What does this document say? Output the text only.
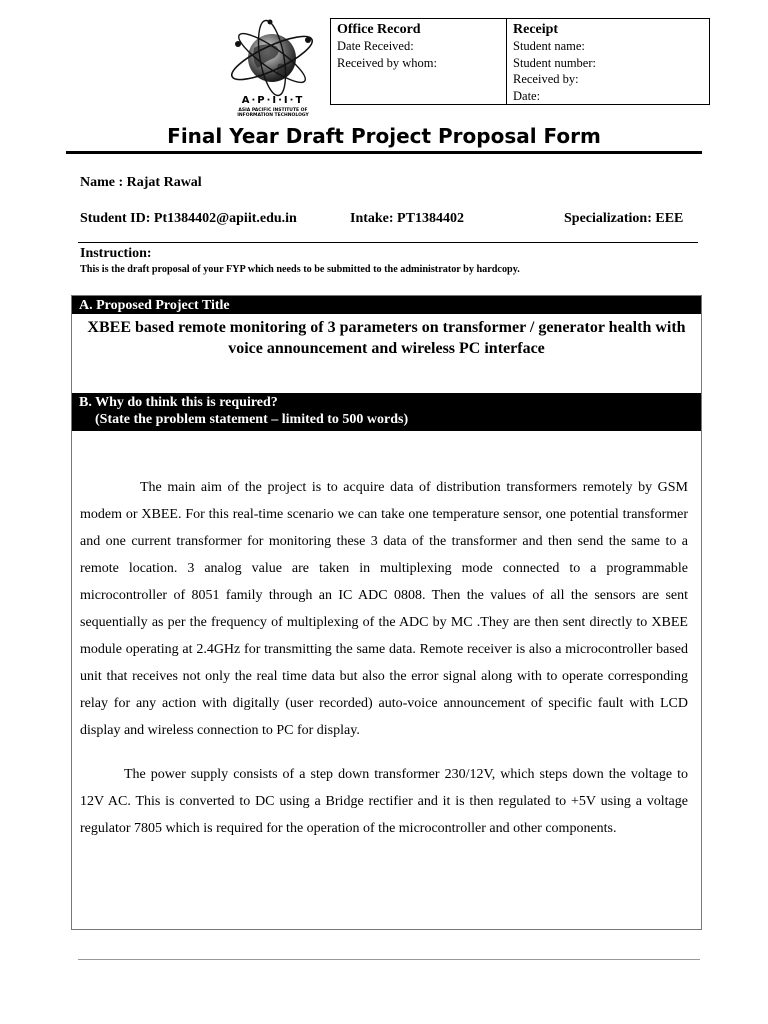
A·P·I·I·T
ASIA PACIFIC INSTITUTE OF INFORMATION TECHNOLOGY
Office Record
Date Received:
Received by whom:
Receipt
Student name:
Student number:
Received by:
Date:
Final Year Draft Project Proposal Form
Name : Rajat Rawal
Student ID: Pt1384402@apiit.edu.in	Intake: PT1384402	Specialization: EEE
Instruction:
This is the draft proposal of your FYP which needs to be submitted to the administrator by hardcopy.
A. Proposed Project Title
XBEE based remote monitoring of 3 parameters on transformer / generator health with voice announcement and wireless PC interface
B. Why do think this is required?
(State the problem statement – limited to 500 words)

The main aim of the project is to acquire data of distribution transformers remotely by GSM modem or XBEE. For this real-time scenario we can take one temperature sensor, one potential transformer and one current transformer for monitoring these 3 data of the transformer and then send the same to a remote location. 3 analog value are taken in multiplexing mode connected to a programmable microcontroller of 8051 family through an IC ADC 0808. Then the values of all the sensors are sent sequentially as per the frequency of multiplexing of the ADC by MC .They are then sent directly to XBEE module operating at 2.4GHz for transmitting the same data. Remote receiver is also a microcontroller based unit that receives not only the real time data but also the error signal along with to operate corresponding relay for any action with digitally (user recorded) auto-voice announcement of specific fault with LCD display and wireless connection to PC for display.

The power supply consists of a step down transformer 230/12V, which steps down the voltage to 12V AC. This is converted to DC using a Bridge rectifier and it is then regulated to +5V using a voltage regulator 7805 which is required for the operation of the microcontroller and other components.
